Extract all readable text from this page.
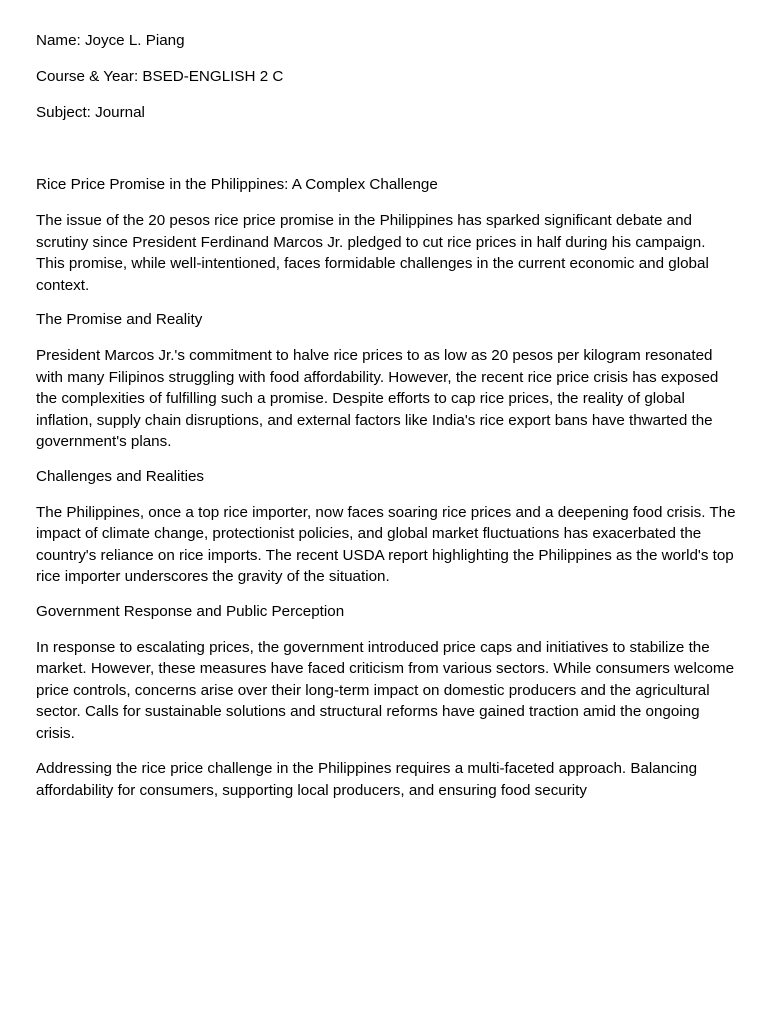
Name: Joyce L. Piang
Course & Year: BSED-ENGLISH 2 C
Subject: Journal
Rice Price Promise in the Philippines: A Complex Challenge

The issue of the 20 pesos rice price promise in the Philippines has sparked significant debate and scrutiny since President Ferdinand Marcos Jr. pledged to cut rice prices in half during his campaign. This promise, while well-intentioned, faces formidable challenges in the current economic and global context.

The Promise and Reality

President Marcos Jr.'s commitment to halve rice prices to as low as 20 pesos per kilogram resonated with many Filipinos struggling with food affordability. However, the recent rice price crisis has exposed the complexities of fulfilling such a promise. Despite efforts to cap rice prices, the reality of global inflation, supply chain disruptions, and external factors like India's rice export bans have thwarted the government's plans.

Challenges and Realities

The Philippines, once a top rice importer, now faces soaring rice prices and a deepening food crisis. The impact of climate change, protectionist policies, and global market fluctuations has exacerbated the country's reliance on rice imports. The recent USDA report highlighting the Philippines as the world's top rice importer underscores the gravity of the situation.

Government Response and Public Perception

In response to escalating prices, the government introduced price caps and initiatives to stabilize the market. However, these measures have faced criticism from various sectors. While consumers welcome price controls, concerns arise over their long-term impact on domestic producers and the agricultural sector. Calls for sustainable solutions and structural reforms have gained traction amid the ongoing crisis.

Addressing the rice price challenge in the Philippines requires a multi-faceted approach. Balancing affordability for consumers, supporting local producers, and ensuring food security
